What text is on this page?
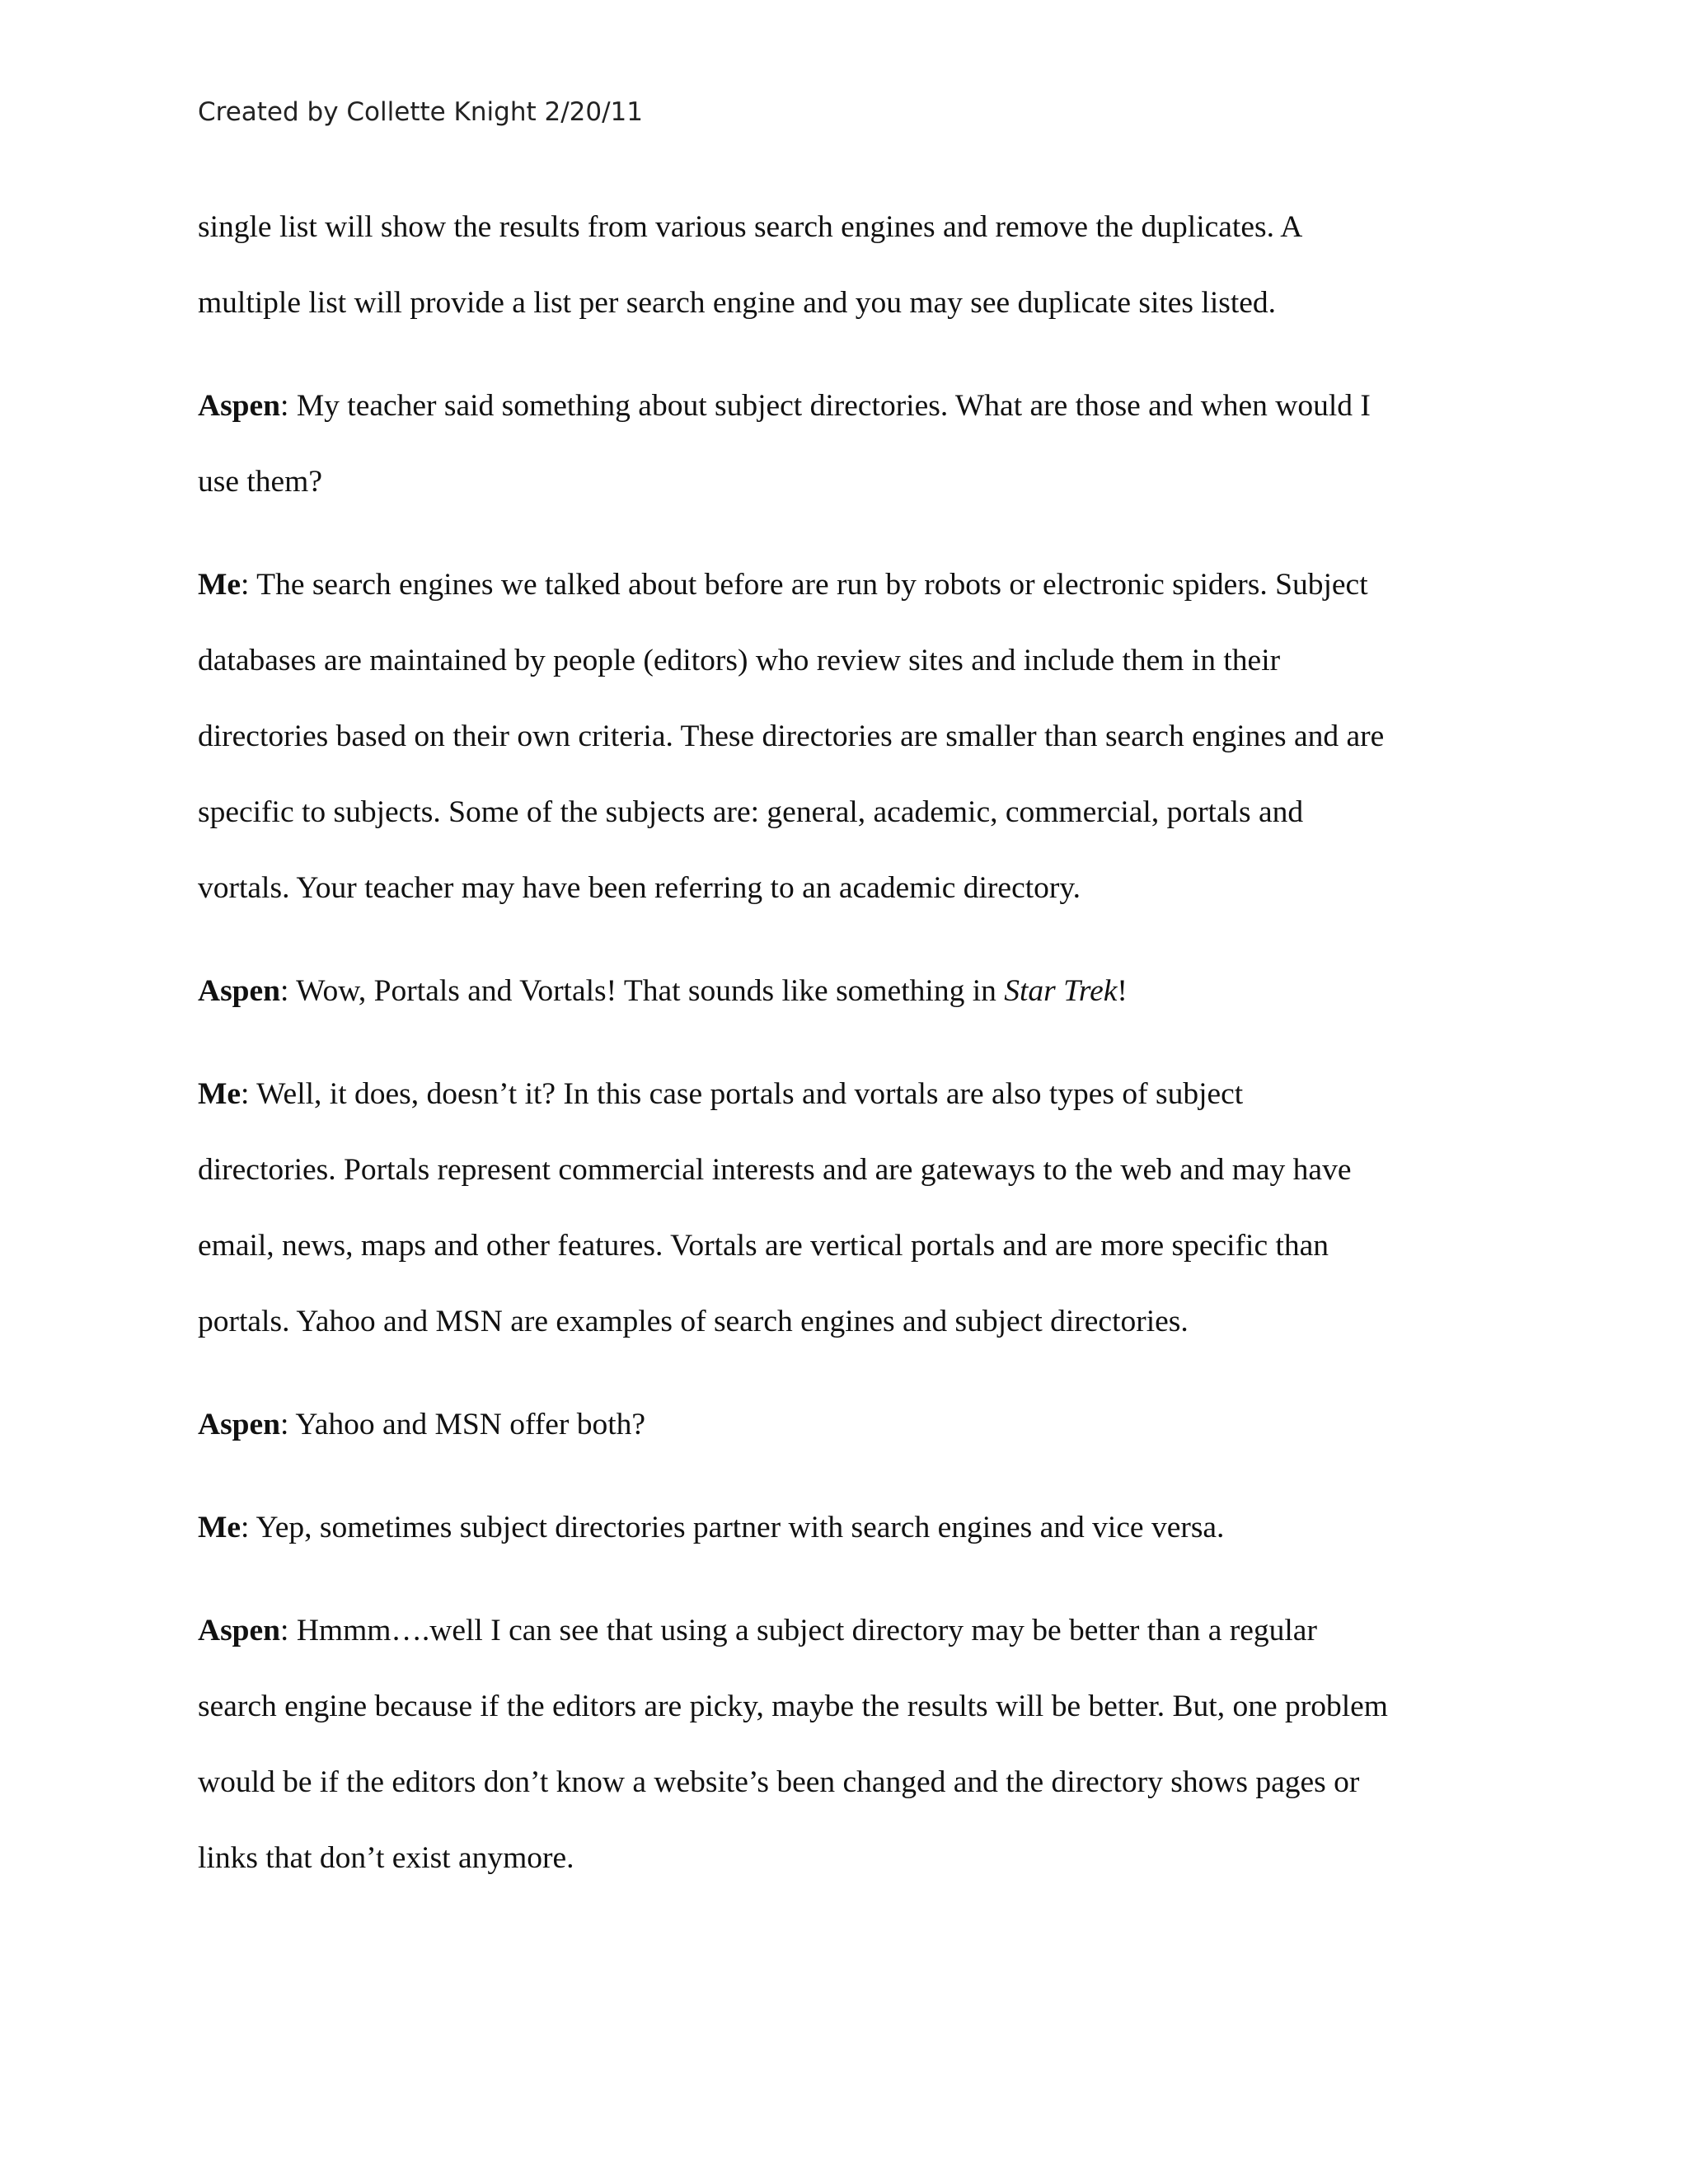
Created by Collette Knight 2/20/11

single list will show the results from various search engines and remove the duplicates. A
multiple list will provide a list per search engine and you may see duplicate sites listed.

Aspen: My teacher said something about subject directories. What are those and when would I
use them?

Me: The search engines we talked about before are run by robots or electronic spiders. Subject
databases are maintained by people (editors) who review sites and include them in their
directories based on their own criteria. These directories are smaller than search engines and are
specific to subjects. Some of the subjects are: general, academic, commercial, portals and
vortals. Your teacher may have been referring to an academic directory.

Aspen: Wow, Portals and Vortals! That sounds like something in Star Trek!

Me: Well, it does, doesn’t it? In this case portals and vortals are also types of subject
directories. Portals represent commercial interests and are gateways to the web and may have
email, news, maps and other features. Vortals are vertical portals and are more specific than
portals. Yahoo and MSN are examples of search engines and subject directories.

Aspen: Yahoo and MSN offer both?

Me: Yep, sometimes subject directories partner with search engines and vice versa.

Aspen: Hmmm….well I can see that using a subject directory may be better than a regular
search engine because if the editors are picky, maybe the results will be better. But, one problem
would be if the editors don’t know a website’s been changed and the directory shows pages or
links that don’t exist anymore.
